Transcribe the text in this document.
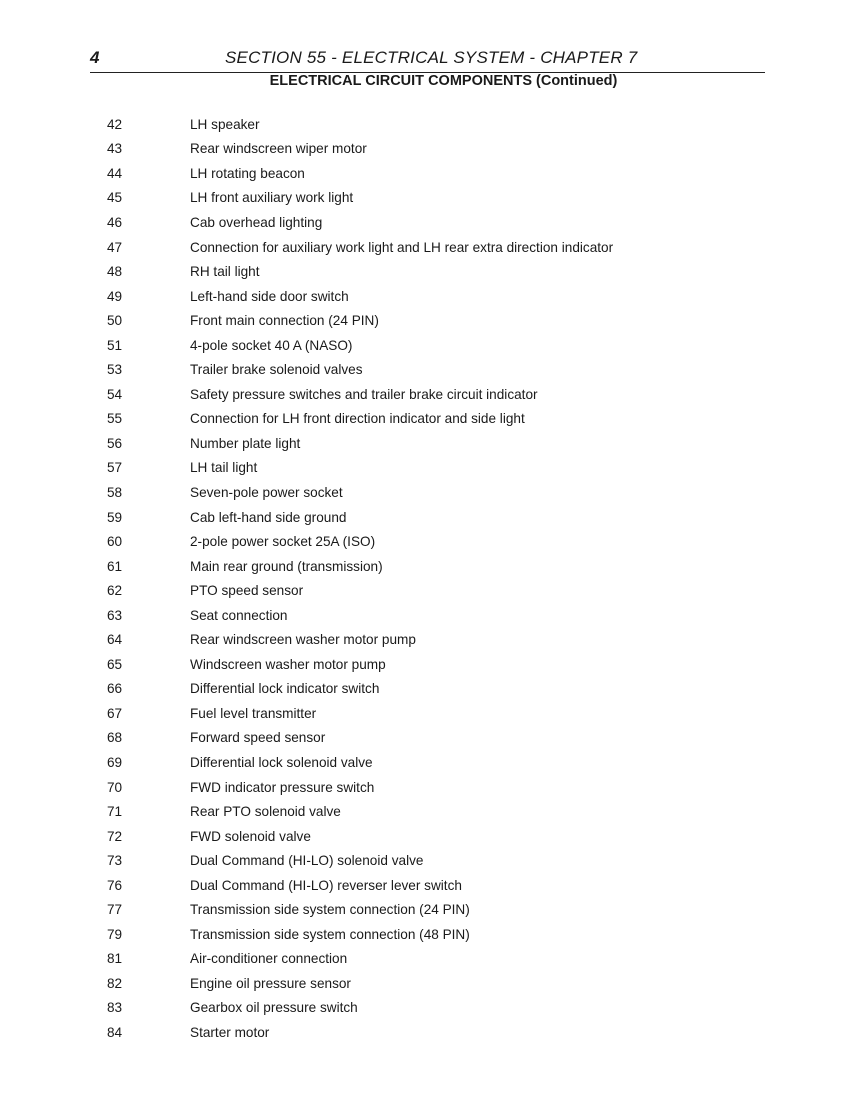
4	SECTION 55 - ELECTRICAL SYSTEM - CHAPTER 7
ELECTRICAL CIRCUIT COMPONENTS (Continued)
42	LH speaker
43	Rear windscreen wiper motor
44	LH rotating beacon
45	LH front auxiliary work light
46	Cab overhead lighting
47	Connection for auxiliary work light and LH rear extra direction indicator
48	RH tail light
49	Left-hand side door switch
50	Front main connection (24 PIN)
51	4-pole socket 40 A (NASO)
53	Trailer brake solenoid valves
54	Safety pressure switches and trailer brake circuit indicator
55	Connection for LH front direction indicator and side light
56	Number plate light
57	LH tail light
58	Seven-pole power socket
59	Cab left-hand side ground
60	2-pole power socket 25A (ISO)
61	Main rear ground (transmission)
62	PTO speed sensor
63	Seat connection
64	Rear windscreen washer motor pump
65	Windscreen washer motor pump
66	Differential lock indicator switch
67	Fuel level transmitter
68	Forward speed sensor
69	Differential lock solenoid valve
70	FWD indicator pressure switch
71	Rear PTO solenoid valve
72	FWD solenoid valve
73	Dual Command (HI-LO) solenoid valve
76	Dual Command (HI-LO) reverser lever switch
77	Transmission side system connection (24 PIN)
79	Transmission side system connection (48 PIN)
81	Air-conditioner connection
82	Engine oil pressure sensor
83	Gearbox oil pressure switch
84	Starter motor
